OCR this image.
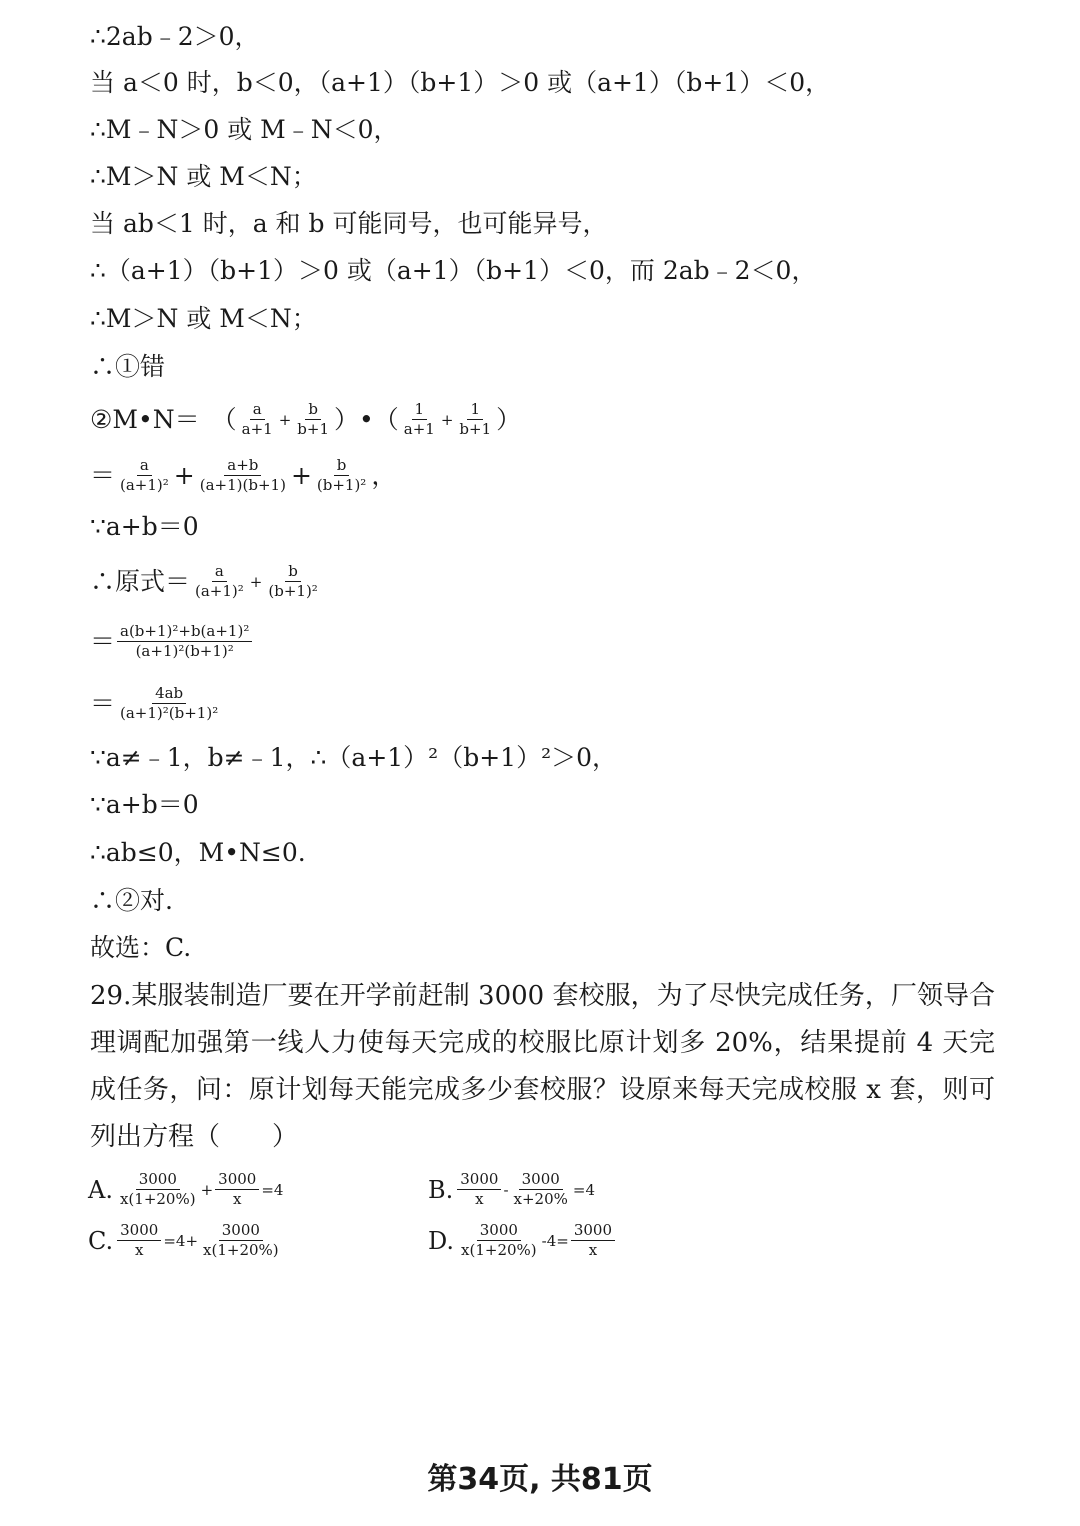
∴2ab﹣2＞0，
当 a＜0 时，b＜0，（a+1）（b+1）＞0 或（a+1）（b+1）＜0，
∴M﹣N＞0 或 M﹣N＜0，
∴M＞N 或 M＜N；
当 ab＜1 时，a 和 b 可能同号，也可能异号，
∴（a+1）（b+1）＞0 或（a+1）（b+1）＜0，而 2ab﹣2＜0，
∴M＞N 或 M＜N；
∴①错
②M•N＝ （ $\frac{a}{a+1} + \frac{b}{b+1}$ ）•（ $\frac{1}{a+1} + \frac{1}{b+1}$ ）
＝ $\frac{a}{\text{(a+1)²}} + \frac{a+b}{(a+1)(b+1)} + \frac{b}{\text{(b+1)²}}$ ，
∵a+b＝0
∴原式＝ $\frac{a}{\text{(a+1)²}} + \frac{b}{\text{(b+1)²}}$
＝ $\frac{\text{a(b+1)²+b(a+1)²}}{\text{(a+1)²(b+1)²}}$
＝ $\frac{4ab}{\text{(a+1)²(b+1)²}}$
∵a≠﹣1，b≠﹣1，∴（a+1）²（b+1）²＞0，
∵a+b＝0
∴ab≤0，M•N≤0.
∴②对.
故选：C.
29.某服装制造厂要在开学前赶制 3000 套校服，为了尽快完成任务，厂领导合理调配加强第一线人力使每天完成的校服比原计划多 20%，结果提前 4 天完成任务，问：原计划每天能完成多少套校服？设原来每天完成校服 x 套，则可列出方程（　　）
A. $\frac{3000}{x(1+20\%)} + \frac{3000}{x} =4$	B. $\frac{3000}{x} - \frac{3000}{x+20\%} =4$
C. $\frac{3000}{x} =4+ \frac{3000}{x(1+20\%)}$	D. $\frac{3000}{x(1+20\%)} -4= \frac{3000}{x}$
第34页, 共81页
